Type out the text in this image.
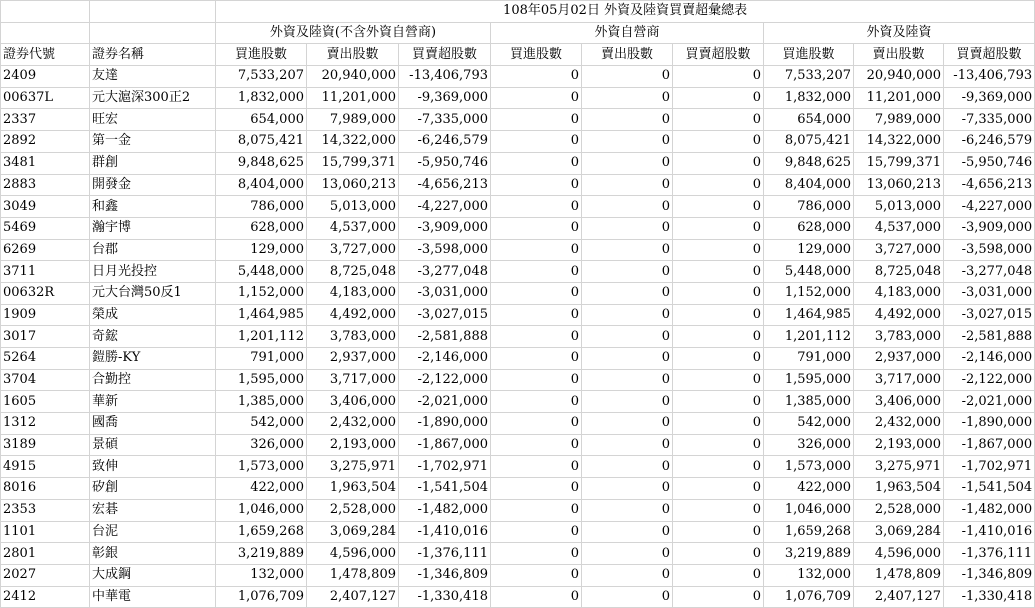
		108年05月02日 外資及陸資買賣超彙總表								
		外資及陸資(不含外資自營商)			外資自營商			外資及陸資		
證券代號	證券名稱	買進股數	賣出股數	買賣超股數	買進股數	賣出股數	買賣超股數	買進股數	賣出股數	買賣超股數
2409	友達	7,533,207	20,940,000	-13,406,793	0	0	0	7,533,207	20,940,000	-13,406,793
00637L	元大滬深300正2	1,832,000	11,201,000	-9,369,000	0	0	0	1,832,000	11,201,000	-9,369,000
2337	旺宏	654,000	7,989,000	-7,335,000	0	0	0	654,000	7,989,000	-7,335,000
2892	第一金	8,075,421	14,322,000	-6,246,579	0	0	0	8,075,421	14,322,000	-6,246,579
3481	群創	9,848,625	15,799,371	-5,950,746	0	0	0	9,848,625	15,799,371	-5,950,746
2883	開發金	8,404,000	13,060,213	-4,656,213	0	0	0	8,404,000	13,060,213	-4,656,213
3049	和鑫	786,000	5,013,000	-4,227,000	0	0	0	786,000	5,013,000	-4,227,000
5469	瀚宇博	628,000	4,537,000	-3,909,000	0	0	0	628,000	4,537,000	-3,909,000
6269	台郡	129,000	3,727,000	-3,598,000	0	0	0	129,000	3,727,000	-3,598,000
3711	日月光投控	5,448,000	8,725,048	-3,277,048	0	0	0	5,448,000	8,725,048	-3,277,048
00632R	元大台灣50反1	1,152,000	4,183,000	-3,031,000	0	0	0	1,152,000	4,183,000	-3,031,000
1909	榮成	1,464,985	4,492,000	-3,027,015	0	0	0	1,464,985	4,492,000	-3,027,015
3017	奇鋐	1,201,112	3,783,000	-2,581,888	0	0	0	1,201,112	3,783,000	-2,581,888
5264	鎧勝-KY	791,000	2,937,000	-2,146,000	0	0	0	791,000	2,937,000	-2,146,000
3704	合勤控	1,595,000	3,717,000	-2,122,000	0	0	0	1,595,000	3,717,000	-2,122,000
1605	華新	1,385,000	3,406,000	-2,021,000	0	0	0	1,385,000	3,406,000	-2,021,000
1312	國喬	542,000	2,432,000	-1,890,000	0	0	0	542,000	2,432,000	-1,890,000
3189	景碩	326,000	2,193,000	-1,867,000	0	0	0	326,000	2,193,000	-1,867,000
4915	致伸	1,573,000	3,275,971	-1,702,971	0	0	0	1,573,000	3,275,971	-1,702,971
8016	矽創	422,000	1,963,504	-1,541,504	0	0	0	422,000	1,963,504	-1,541,504
2353	宏碁	1,046,000	2,528,000	-1,482,000	0	0	0	1,046,000	2,528,000	-1,482,000
1101	台泥	1,659,268	3,069,284	-1,410,016	0	0	0	1,659,268	3,069,284	-1,410,016
2801	彰銀	3,219,889	4,596,000	-1,376,111	0	0	0	3,219,889	4,596,000	-1,376,111
2027	大成鋼	132,000	1,478,809	-1,346,809	0	0	0	132,000	1,478,809	-1,346,809
2412	中華電	1,076,709	2,407,127	-1,330,418	0	0	0	1,076,709	2,407,127	-1,330,418
